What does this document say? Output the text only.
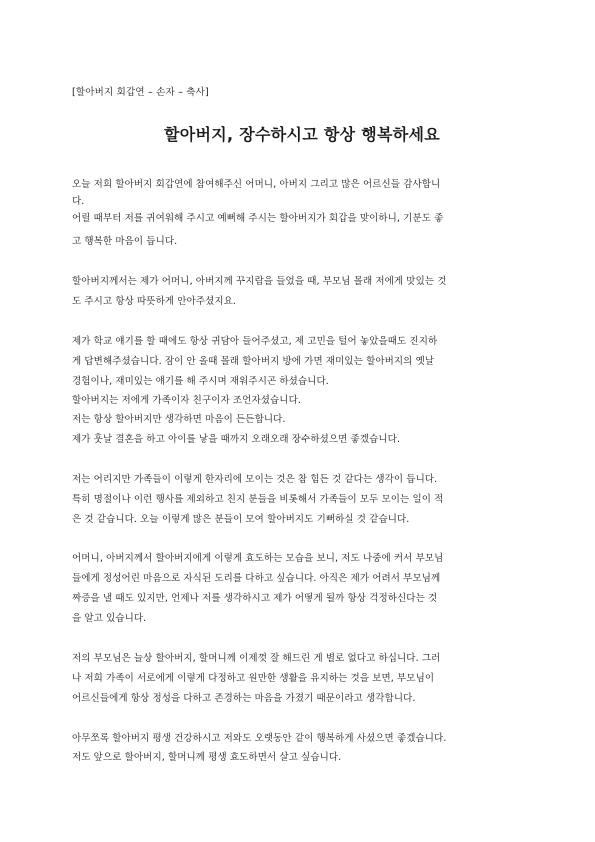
[할아버지 회갑연 – 손자 – 축사]
할아버지, 장수하시고 항상 행복하세요
오늘 저희 할아버지 회갑연에 참여해주신 어머니, 아버지 그리고 많은 어르신들 감사합니
다.
어릴 때부터 저를 귀여워해 주시고 예뻐해 주시는 할아버지가 회갑을 맞이하니, 기분도 좋
고 행복한 마음이 듭니다.
할아버지께서는 제가 어머니, 아버지께 꾸지람을 들었을 때, 부모님 몰래 저에게 맛있는 것
도 주시고 항상 따뜻하게 안아주셨지요.
제가 학교 얘기를 할 때에도 항상 귀담아 들어주셨고, 제 고민을 털어 놓았을때도 진지하
게 답변해주셨습니다. 잠이 안 올때 몰래 할아버지 방에 가면 재미있는 할아버지의 옛날
경험이나, 재미있는 얘기를 해 주시며 재워주시곤 하셨습니다.
할아버지는 저에게 가족이자 친구이자 조언자셨습니다.
저는 항상 할아버지만 생각하면 마음이 든든합니다.
제가 훗날 결혼을 하고 아이를 낳을 때까지 오래오래 장수하셨으면 좋겠습니다.
저는 어리지만 가족들이 이렇게 한자리에 모이는 것은 참 힘든 것 같다는 생각이 듭니다.
특히 명절이나 이런 행사를 제외하고 친지 분들을 비롯해서 가족들이 모두 모이는 일이 적
은 것 같습니다. 오늘 이렇게 많은 분들이 모여 할아버지도 기뻐하실 것 같습니다.
어머니, 아버지께서 할아버지에게 이렇게 효도하는 모습을 보니, 저도 나중에 커서 부모님
들에게 정성어린 마음으로 자식된 도리를 다하고 싶습니다. 아직은 제가 어려서 부모님께
짜증을 낼 때도 있지만, 언제나 저를 생각하시고 제가 어떻게 될까 항상 걱정하신다는 것
을 알고 있습니다.
저의 부모님은 늘상 할아버지, 할머니께 이제껏 잘 해드린 게 별로 없다고 하십니다. 그러
나 저희 가족이 서로에게 이렇게 다정하고 원만한 생활을 유지하는 것을 보면, 부모님이
어르신들에게 항상 정성을 다하고 존경하는 마음을 가졌기 때문이라고 생각합니다.
아무쪼록 할아버지 평생 건강하시고 저와도 오랫동안 같이 행복하게 사셨으면 좋겠습니다.
저도 앞으로 할아버지, 할머니께 평생 효도하면서 살고 싶습니다.
